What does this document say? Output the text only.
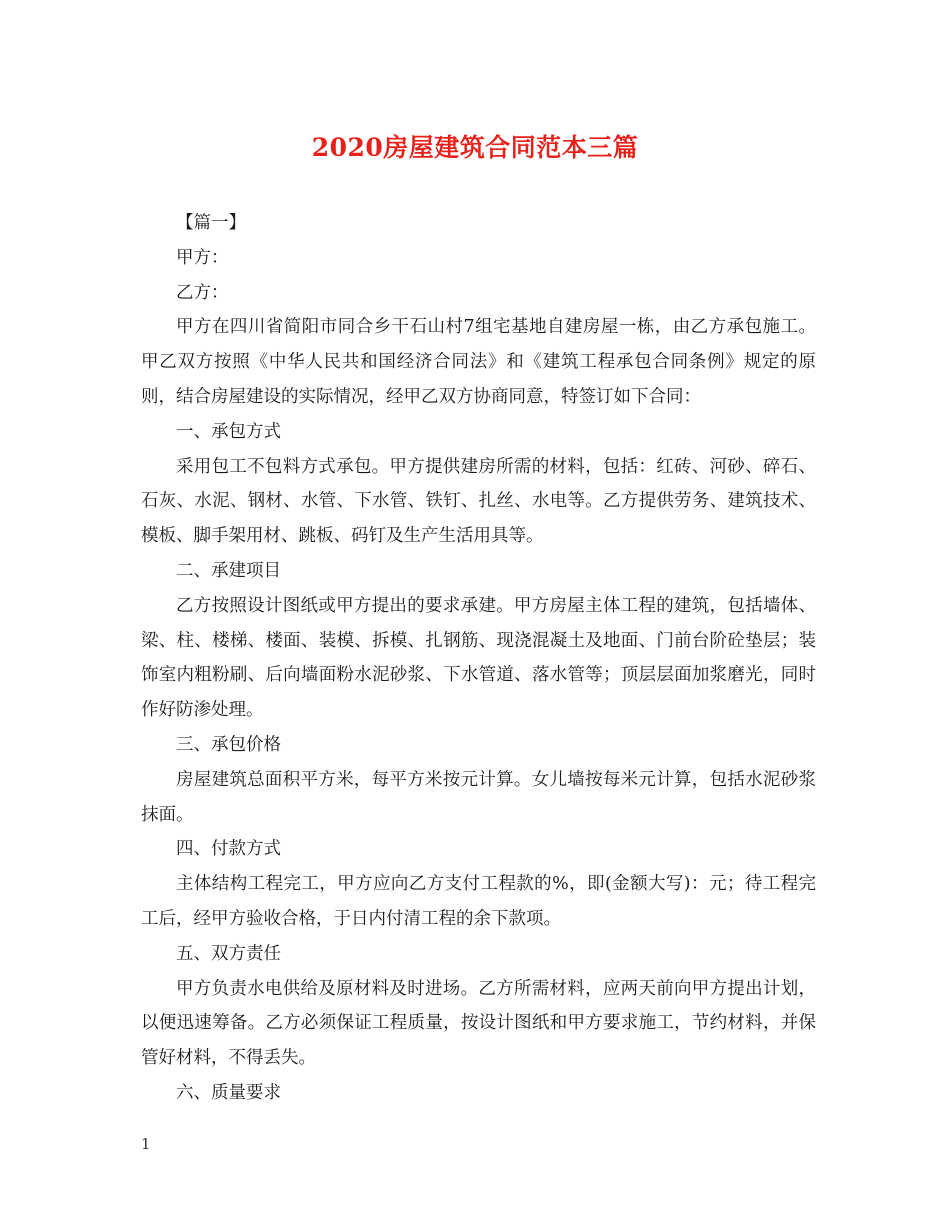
2020房屋建筑合同范本三篇

【篇一】

甲方：

乙方：

甲方在四川省简阳市同合乡干石山村7组宅基地自建房屋一栋，由乙方承包施工。甲乙双方按照《中华人民共和国经济合同法》和《建筑工程承包合同条例》规定的原则，结合房屋建设的实际情况，经甲乙双方协商同意，特签订如下合同：

一、承包方式

采用包工不包料方式承包。甲方提供建房所需的材料，包括：红砖、河砂、碎石、石灰、水泥、钢材、水管、下水管、铁钉、扎丝、水电等。乙方提供劳务、建筑技术、模板、脚手架用材、跳板、码钉及生产生活用具等。

二、承建项目

乙方按照设计图纸或甲方提出的要求承建。甲方房屋主体工程的建筑，包括墙体、梁、柱、楼梯、楼面、装模、拆模、扎钢筋、现浇混凝土及地面、门前台阶砼垫层；装饰室内粗粉刷、后向墙面粉水泥砂浆、下水管道、落水管等；顶层层面加浆磨光，同时作好防渗处理。

三、承包价格

房屋建筑总面积平方米，每平方米按元计算。女儿墙按每米元计算，包括水泥砂浆抹面。

四、付款方式

主体结构工程完工，甲方应向乙方支付工程款的%，即(金额大写)：元；待工程完工后，经甲方验收合格，于日内付清工程的余下款项。

五、双方责任

甲方负责水电供给及原材料及时进场。乙方所需材料，应两天前向甲方提出计划，以便迅速筹备。乙方必须保证工程质量，按设计图纸和甲方要求施工，节约材料，并保管好材料，不得丢失。

六、质量要求

1
